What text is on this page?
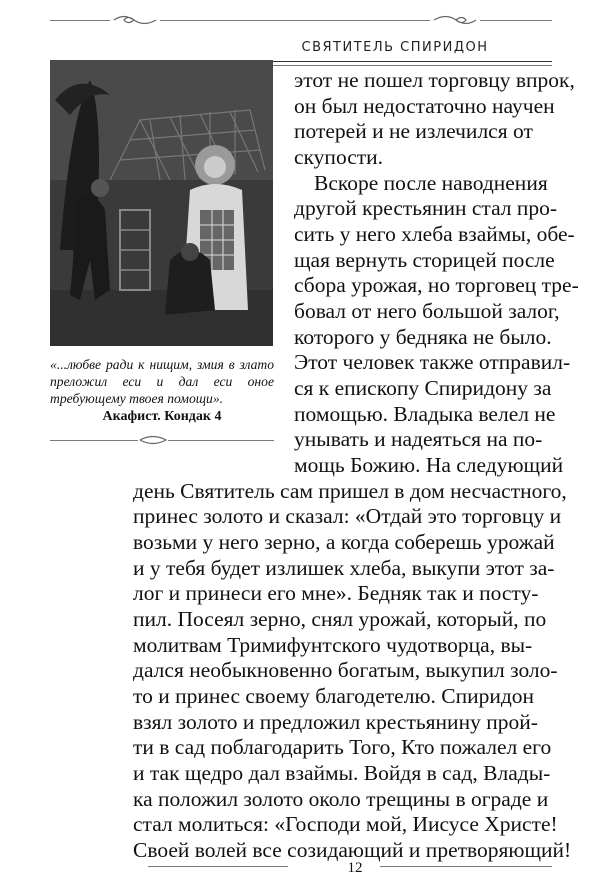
СВЯТИТЕЛЬ СПИРИДОН
«...любве ради к нищим, змия в злато преложил еси и дал еси оное требующему твоея помощи».
Акафист. Кондак 4
этот не пошел торговцу впрок,
он был недостаточно научен
потерей и не излечился от
скупости.
Вскоре после наводнения
другой крестьянин стал про-
сить у него хлеба взаймы, обе-
щая вернуть сторицей после
сбора урожая, но торговец тре-
бовал от него большой залог,
которого у бедняка не было.
Этот человек также отправил-
ся к епископу Спиридону за
помощью. Владыка велел не
унывать и надеяться на по-
мощь Божию. На следующий
день Святитель сам пришел в дом несчастного,
принес золото и сказал: «Отдай это торговцу и
возьми у него зерно, а когда соберешь урожай
и у тебя будет излишек хлеба, выкупи этот за-
лог и принеси его мне». Бедняк так и посту-
пил. Посеял зерно, снял урожай, который, по
молитвам Тримифунтского чудотворца, вы-
дался необыкновенно богатым, выкупил золо-
то и принес своему благодетелю. Спиридон
взял золото и предложил крестьянину прой-
ти в сад поблагодарить Того, Кто пожалел его
и так щедро дал взаймы. Войдя в сад, Влады-
ка положил золото около трещины в ограде и
стал молиться: «Господи мой, Иисусе Христе!
Своей волей все созидающий и претворяющий!
12
